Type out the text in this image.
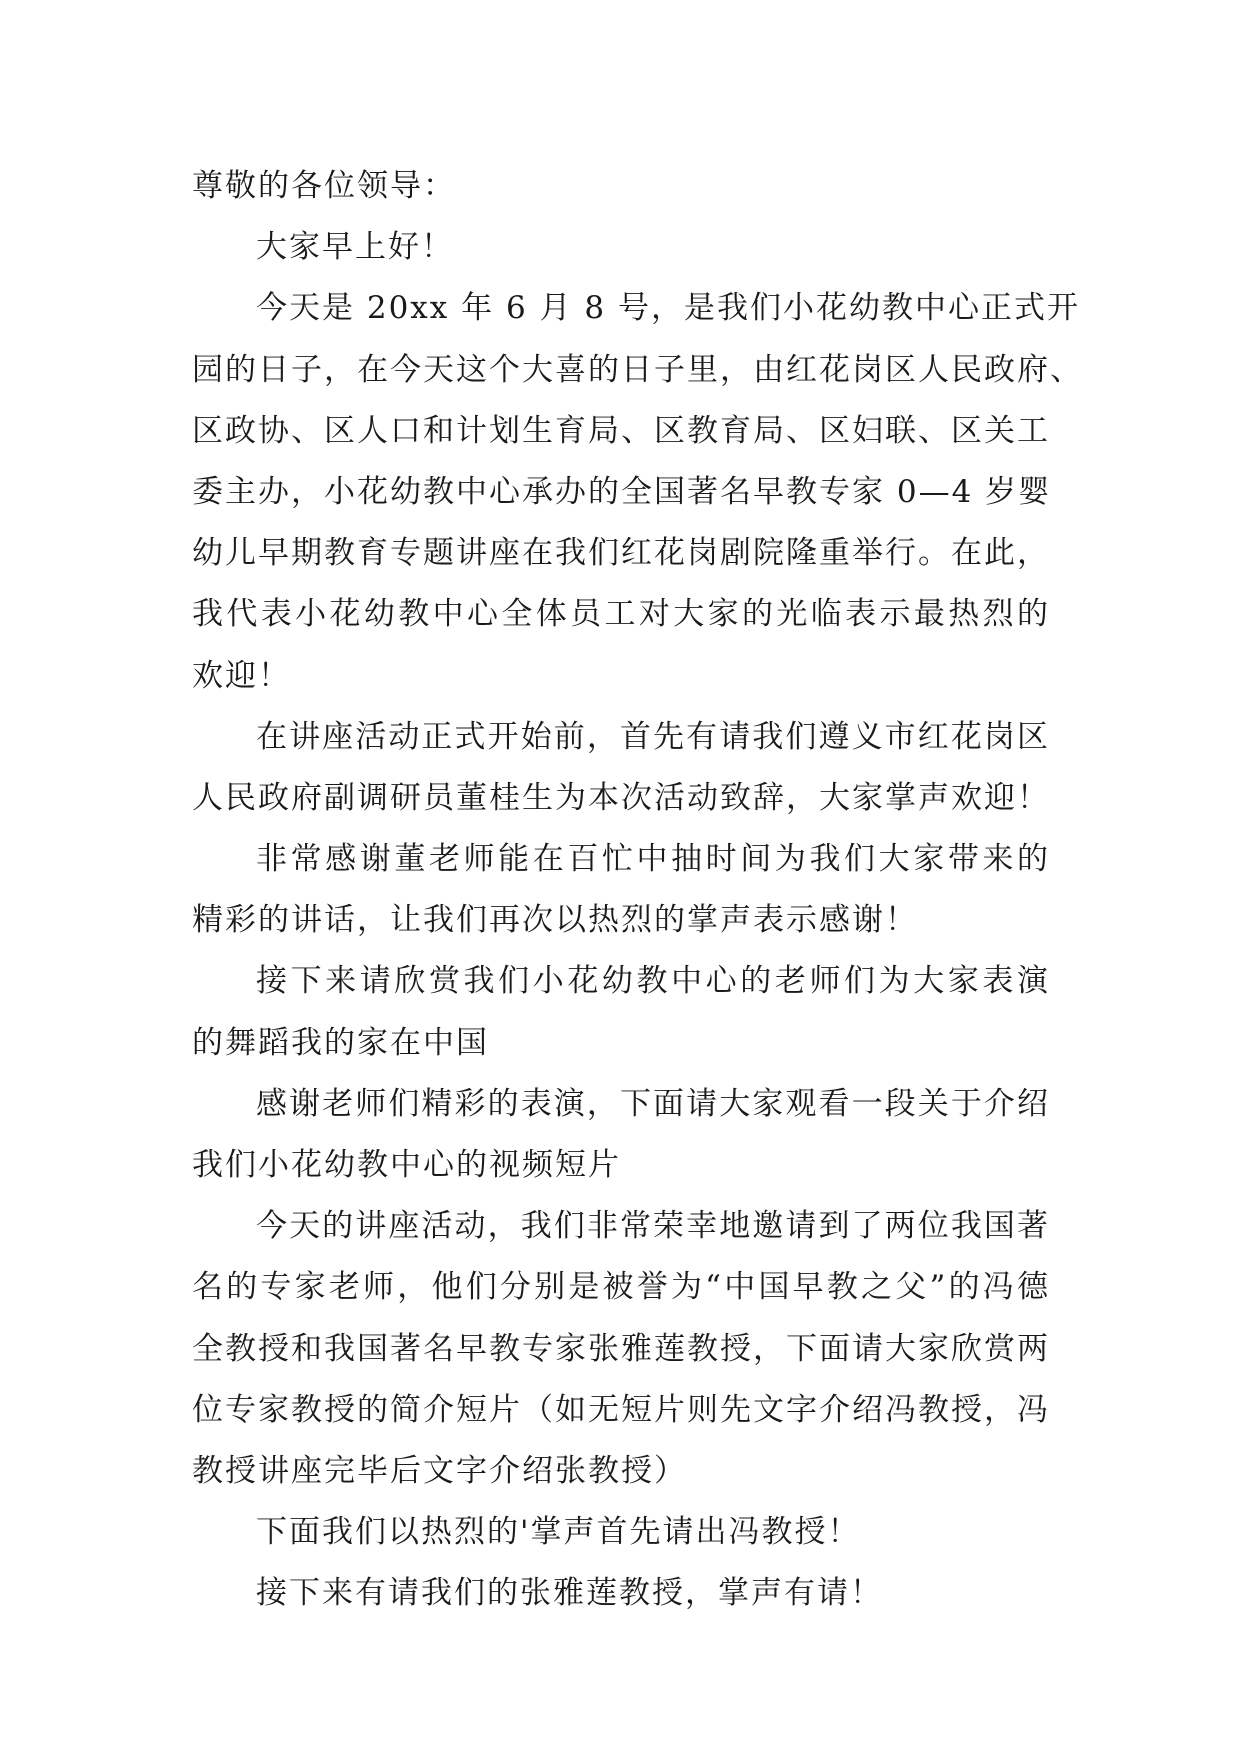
尊敬的各位领导：
大家早上好！
今天是 20xx 年 6 月 8 号，是我们小花幼教中心正式开
园的日子，在今天这个大喜的日子里，由红花岗区人民政府、
区政协、区人口和计划生育局、区教育局、区妇联、区关工
委主办，小花幼教中心承办的全国著名早教专家 0—4 岁婴
幼儿早期教育专题讲座在我们红花岗剧院隆重举行。在此，
我代表小花幼教中心全体员工对大家的光临表示最热烈的
欢迎！
在讲座活动正式开始前，首先有请我们遵义市红花岗区
人民政府副调研员董桂生为本次活动致辞，大家掌声欢迎！
非常感谢董老师能在百忙中抽时间为我们大家带来的
精彩的讲话，让我们再次以热烈的掌声表示感谢！
接下来请欣赏我们小花幼教中心的老师们为大家表演
的舞蹈我的家在中国
感谢老师们精彩的表演，下面请大家观看一段关于介绍
我们小花幼教中心的视频短片
今天的讲座活动，我们非常荣幸地邀请到了两位我国著
名的专家老师，他们分别是被誉为“中国早教之父”的冯德
全教授和我国著名早教专家张雅莲教授，下面请大家欣赏两
位专家教授的简介短片（如无短片则先文字介绍冯教授，冯
教授讲座完毕后文字介绍张教授）
下面我们以热烈的'掌声首先请出冯教授！
接下来有请我们的张雅莲教授，掌声有请！
